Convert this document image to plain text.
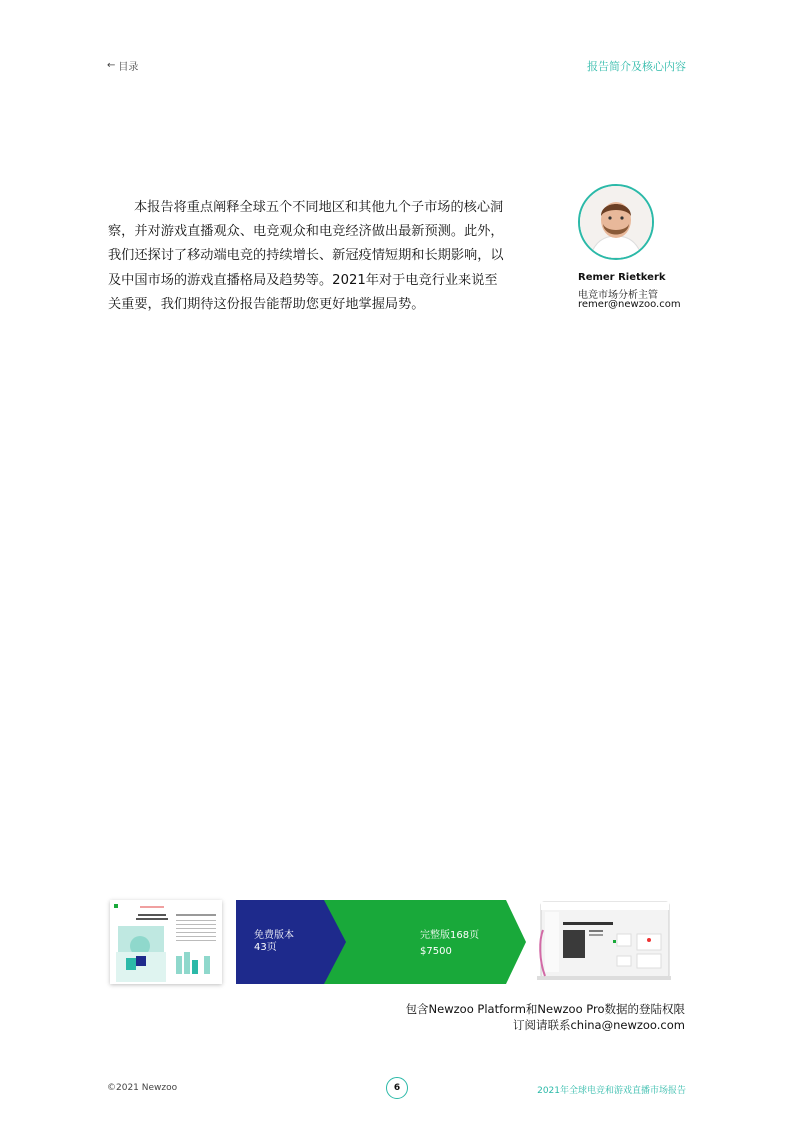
← 目录	报告简介及核心内容

本报告将重点阐释全球五个不同地区和其他九个子市场的核心洞察，并对游戏直播观众、电竞观众和电竞经济做出最新预测。此外，我们还探讨了移动端电竞的持续增长、新冠疫情短期和长期影响，以及中国市场的游戏直播格局及趋势等。2021年对于电竞行业来说至关重要，我们期待这份报告能帮助您更好地掌握局势。

Remer Rietkerk
电竞市场分析主管
remer@newzoo.com
免费版本
43页
完整版168页
$7500
包含Newzoo Platform和Newzoo Pro数据的登陆权限
订阅请联系china@newzoo.com
©2021 Newzoo	6	2021年全球电竞和游戏直播市场报告
